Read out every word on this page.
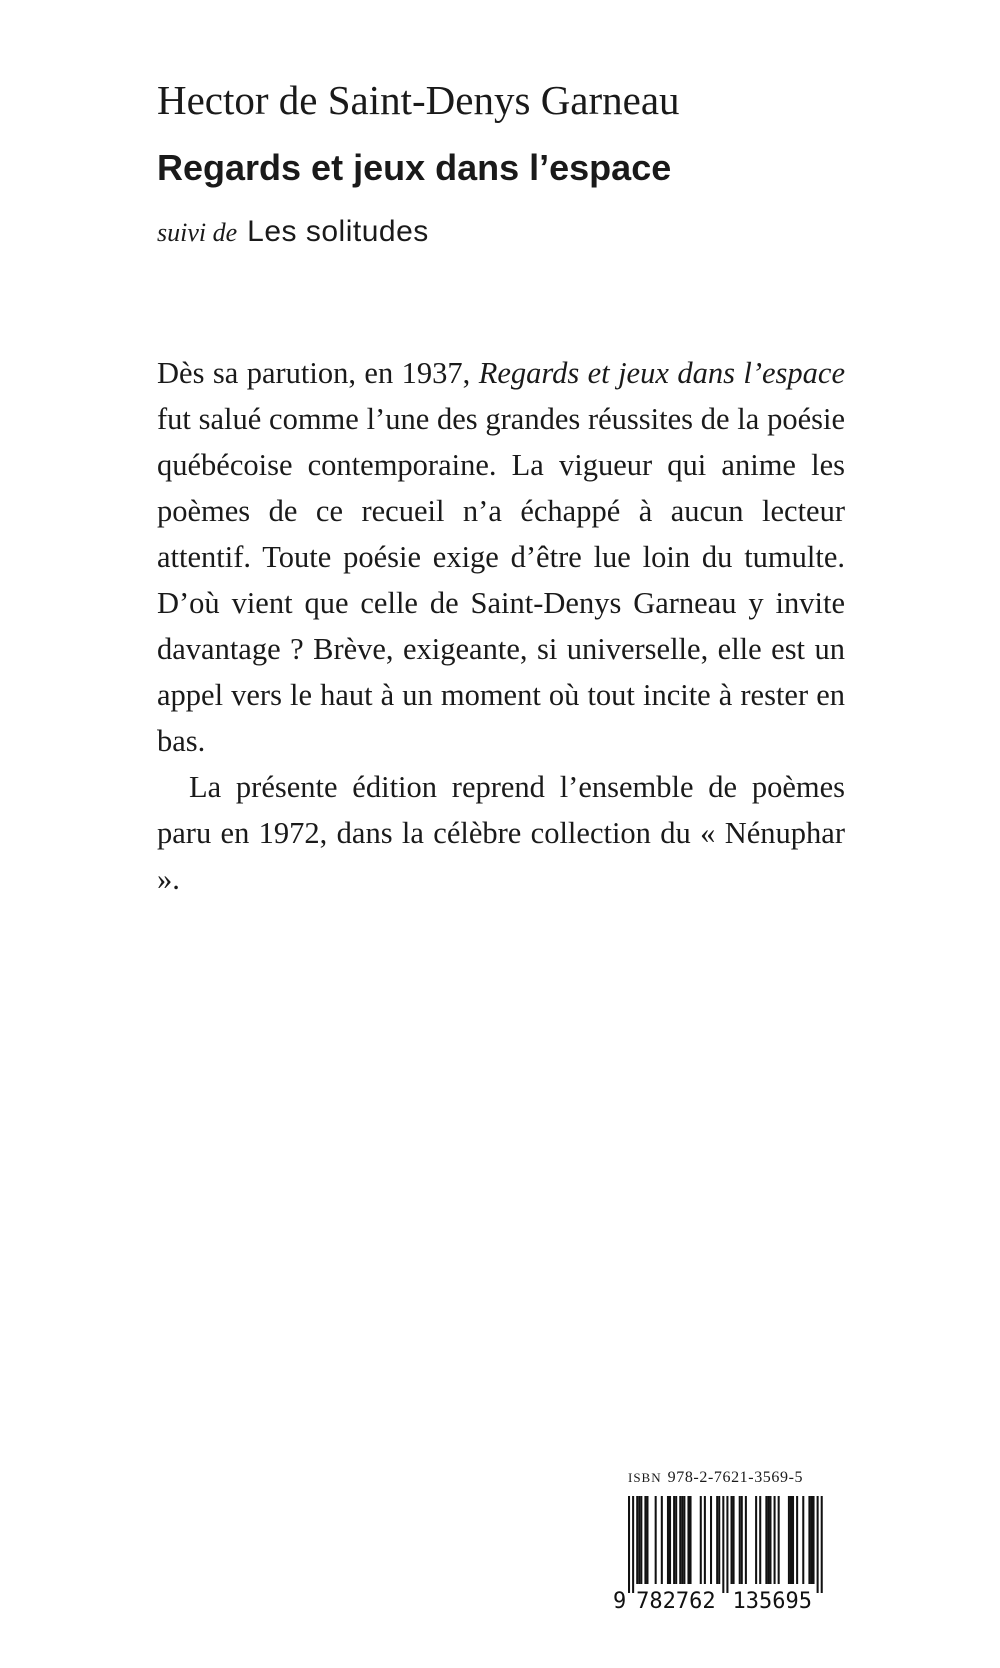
Hector de Saint-Denys Garneau
Regards et jeux dans l’espace
suivi de Les solitudes

Dès sa parution, en 1937, Regards et jeux dans l’espace fut salué comme l’une des grandes réussites de la poésie québécoise contemporaine. La vigueur qui anime les poèmes de ce recueil n’a échappé à aucun lecteur attentif. Toute poésie exige d’être lue loin du tumulte. D’où vient que celle de Saint-Denys Garneau y invite davantage ? Brève, exigeante, si universelle, elle est un appel vers le haut à un moment où tout incite à rester en bas.

La présente édition reprend l’ensemble de poèmes paru en 1972, dans la célèbre collection du « Nénuphar ».

ISBN 978-2-7621-3569-5
9 782762 135695
